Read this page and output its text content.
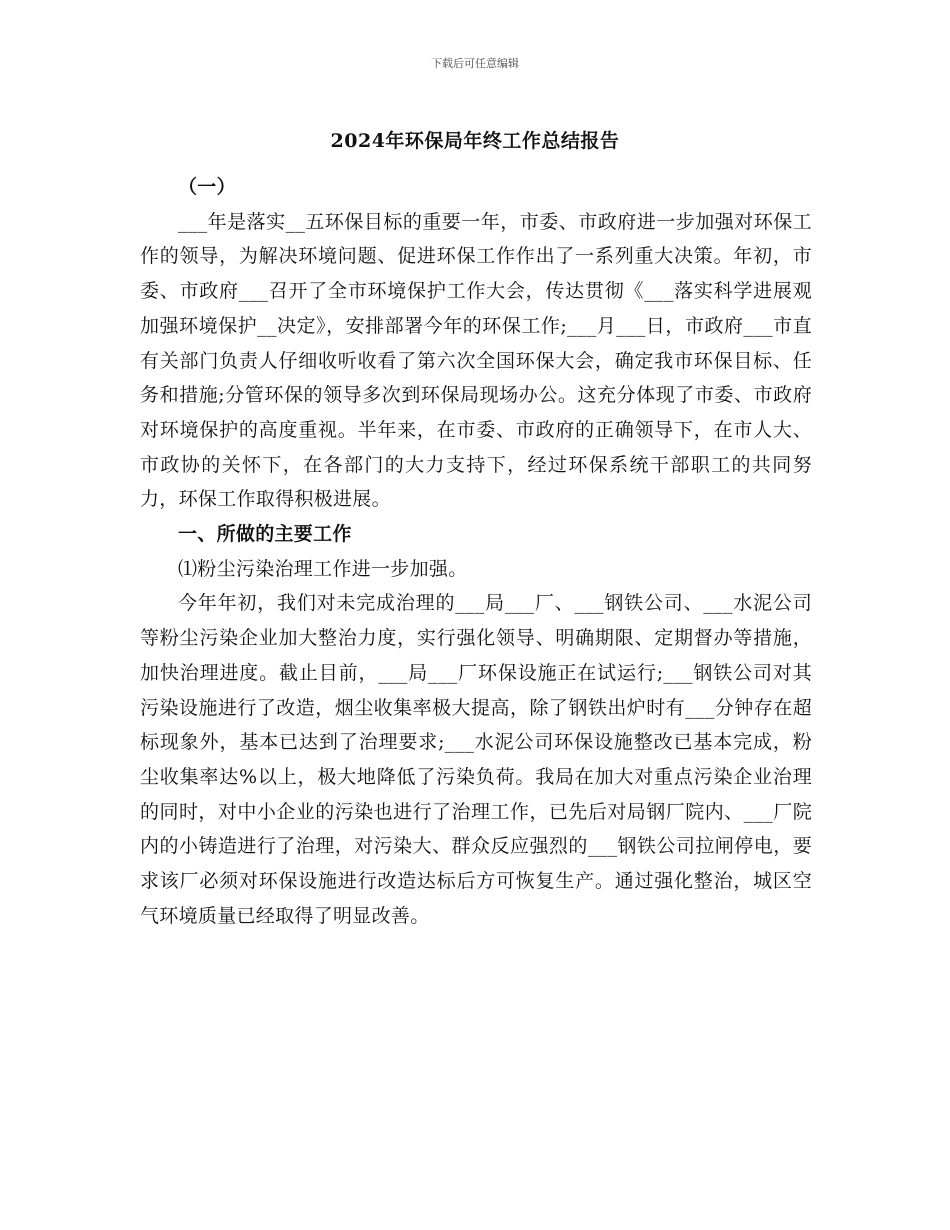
下载后可任意编辑
2024年环保局年终工作总结报告

（一）

___年是落实__五环保目标的重要一年，市委、市政府进一步加强对环保工作的领导，为解决环境问题、促进环保工作作出了一系列重大决策。年初，市委、市政府___召开了全市环境保护工作大会，传达贯彻《___落实科学进展观加强环境保护__决定》，安排部署今年的环保工作;___月___日，市政府___市直有关部门负责人仔细收听收看了第六次全国环保大会，确定我市环保目标、任务和措施;分管环保的领导多次到环保局现场办公。这充分体现了市委、市政府对环境保护的高度重视。半年来，在市委、市政府的正确领导下，在市人大、市政协的关怀下，在各部门的大力支持下，经过环保系统干部职工的共同努力，环保工作取得积极进展。

一、所做的主要工作

⑴粉尘污染治理工作进一步加强。

今年年初，我们对未完成治理的___局___厂、___钢铁公司、___水泥公司等粉尘污染企业加大整治力度，实行强化领导、明确期限、定期督办等措施，加快治理进度。截止目前，___局___厂环保设施正在试运行;___钢铁公司对其污染设施进行了改造，烟尘收集率极大提高，除了钢铁出炉时有___分钟存在超标现象外，基本已达到了治理要求;___水泥公司环保设施整改已基本完成，粉尘收集率达%以上，极大地降低了污染负荷。我局在加大对重点污染企业治理的同时，对中小企业的污染也进行了治理工作，已先后对局钢厂院内、___厂院内的小铸造进行了治理，对污染大、群众反应强烈的___钢铁公司拉闸停电，要求该厂必须对环保设施进行改造达标后方可恢复生产。通过强化整治，城区空气环境质量已经取得了明显改善。
